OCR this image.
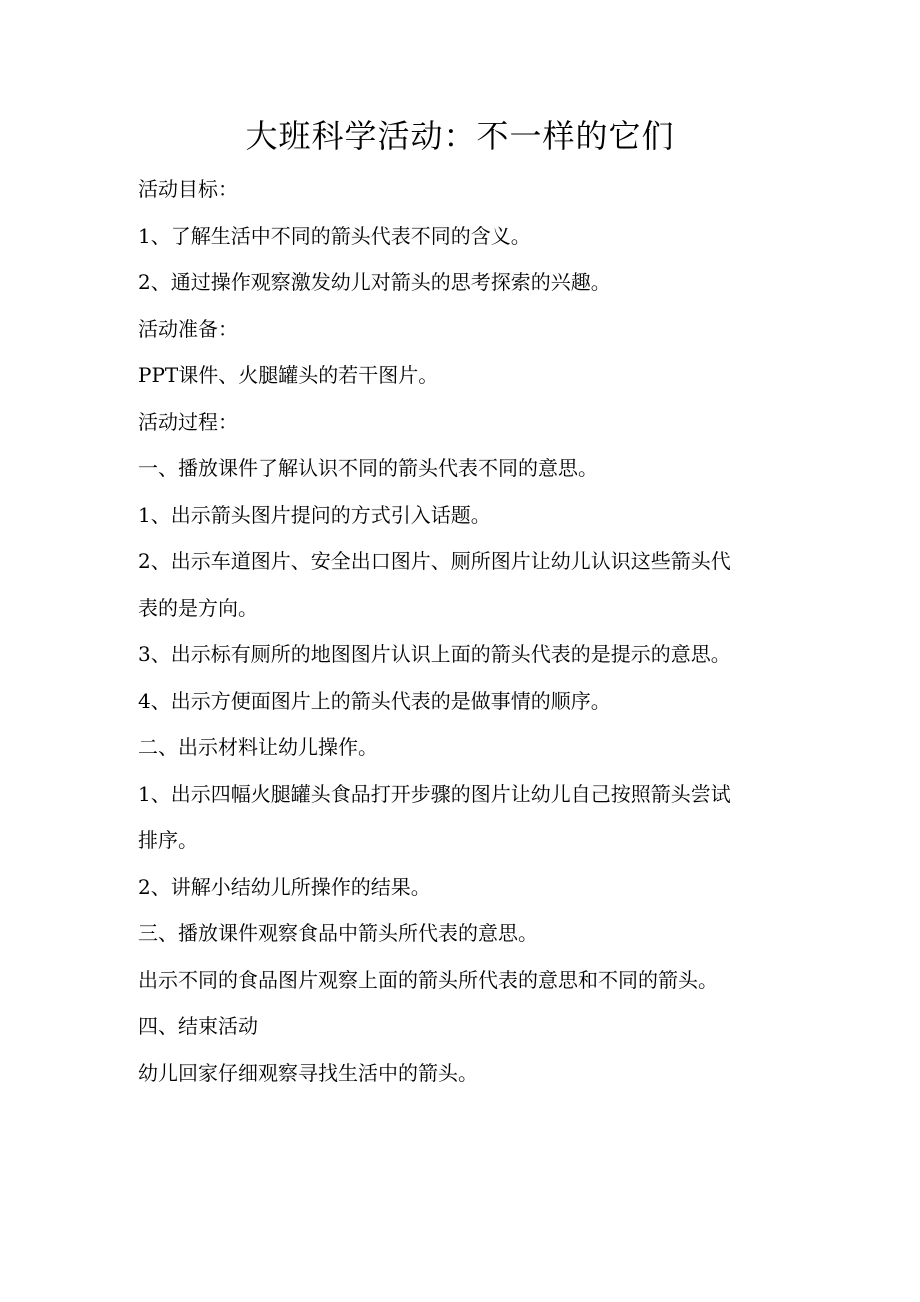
大班科学活动：不一样的它们

活动目标：

1、了解生活中不同的箭头代表不同的含义。

2、通过操作观察激发幼儿对箭头的思考探索的兴趣。

活动准备：

PPT课件、火腿罐头的若干图片。

活动过程：

一、播放课件了解认识不同的箭头代表不同的意思。

1、出示箭头图片提问的方式引入话题。

2、出示车道图片、安全出口图片、厕所图片让幼儿认识这些箭头代

表的是方向。

3、出示标有厕所的地图图片认识上面的箭头代表的是提示的意思。

4、出示方便面图片上的箭头代表的是做事情的顺序。

二、出示材料让幼儿操作。

1、出示四幅火腿罐头食品打开步骤的图片让幼儿自己按照箭头尝试

排序。

2、讲解小结幼儿所操作的结果。

三、播放课件观察食品中箭头所代表的意思。

出示不同的食品图片观察上面的箭头所代表的意思和不同的箭头。

四、结束活动

幼儿回家仔细观察寻找生活中的箭头。
